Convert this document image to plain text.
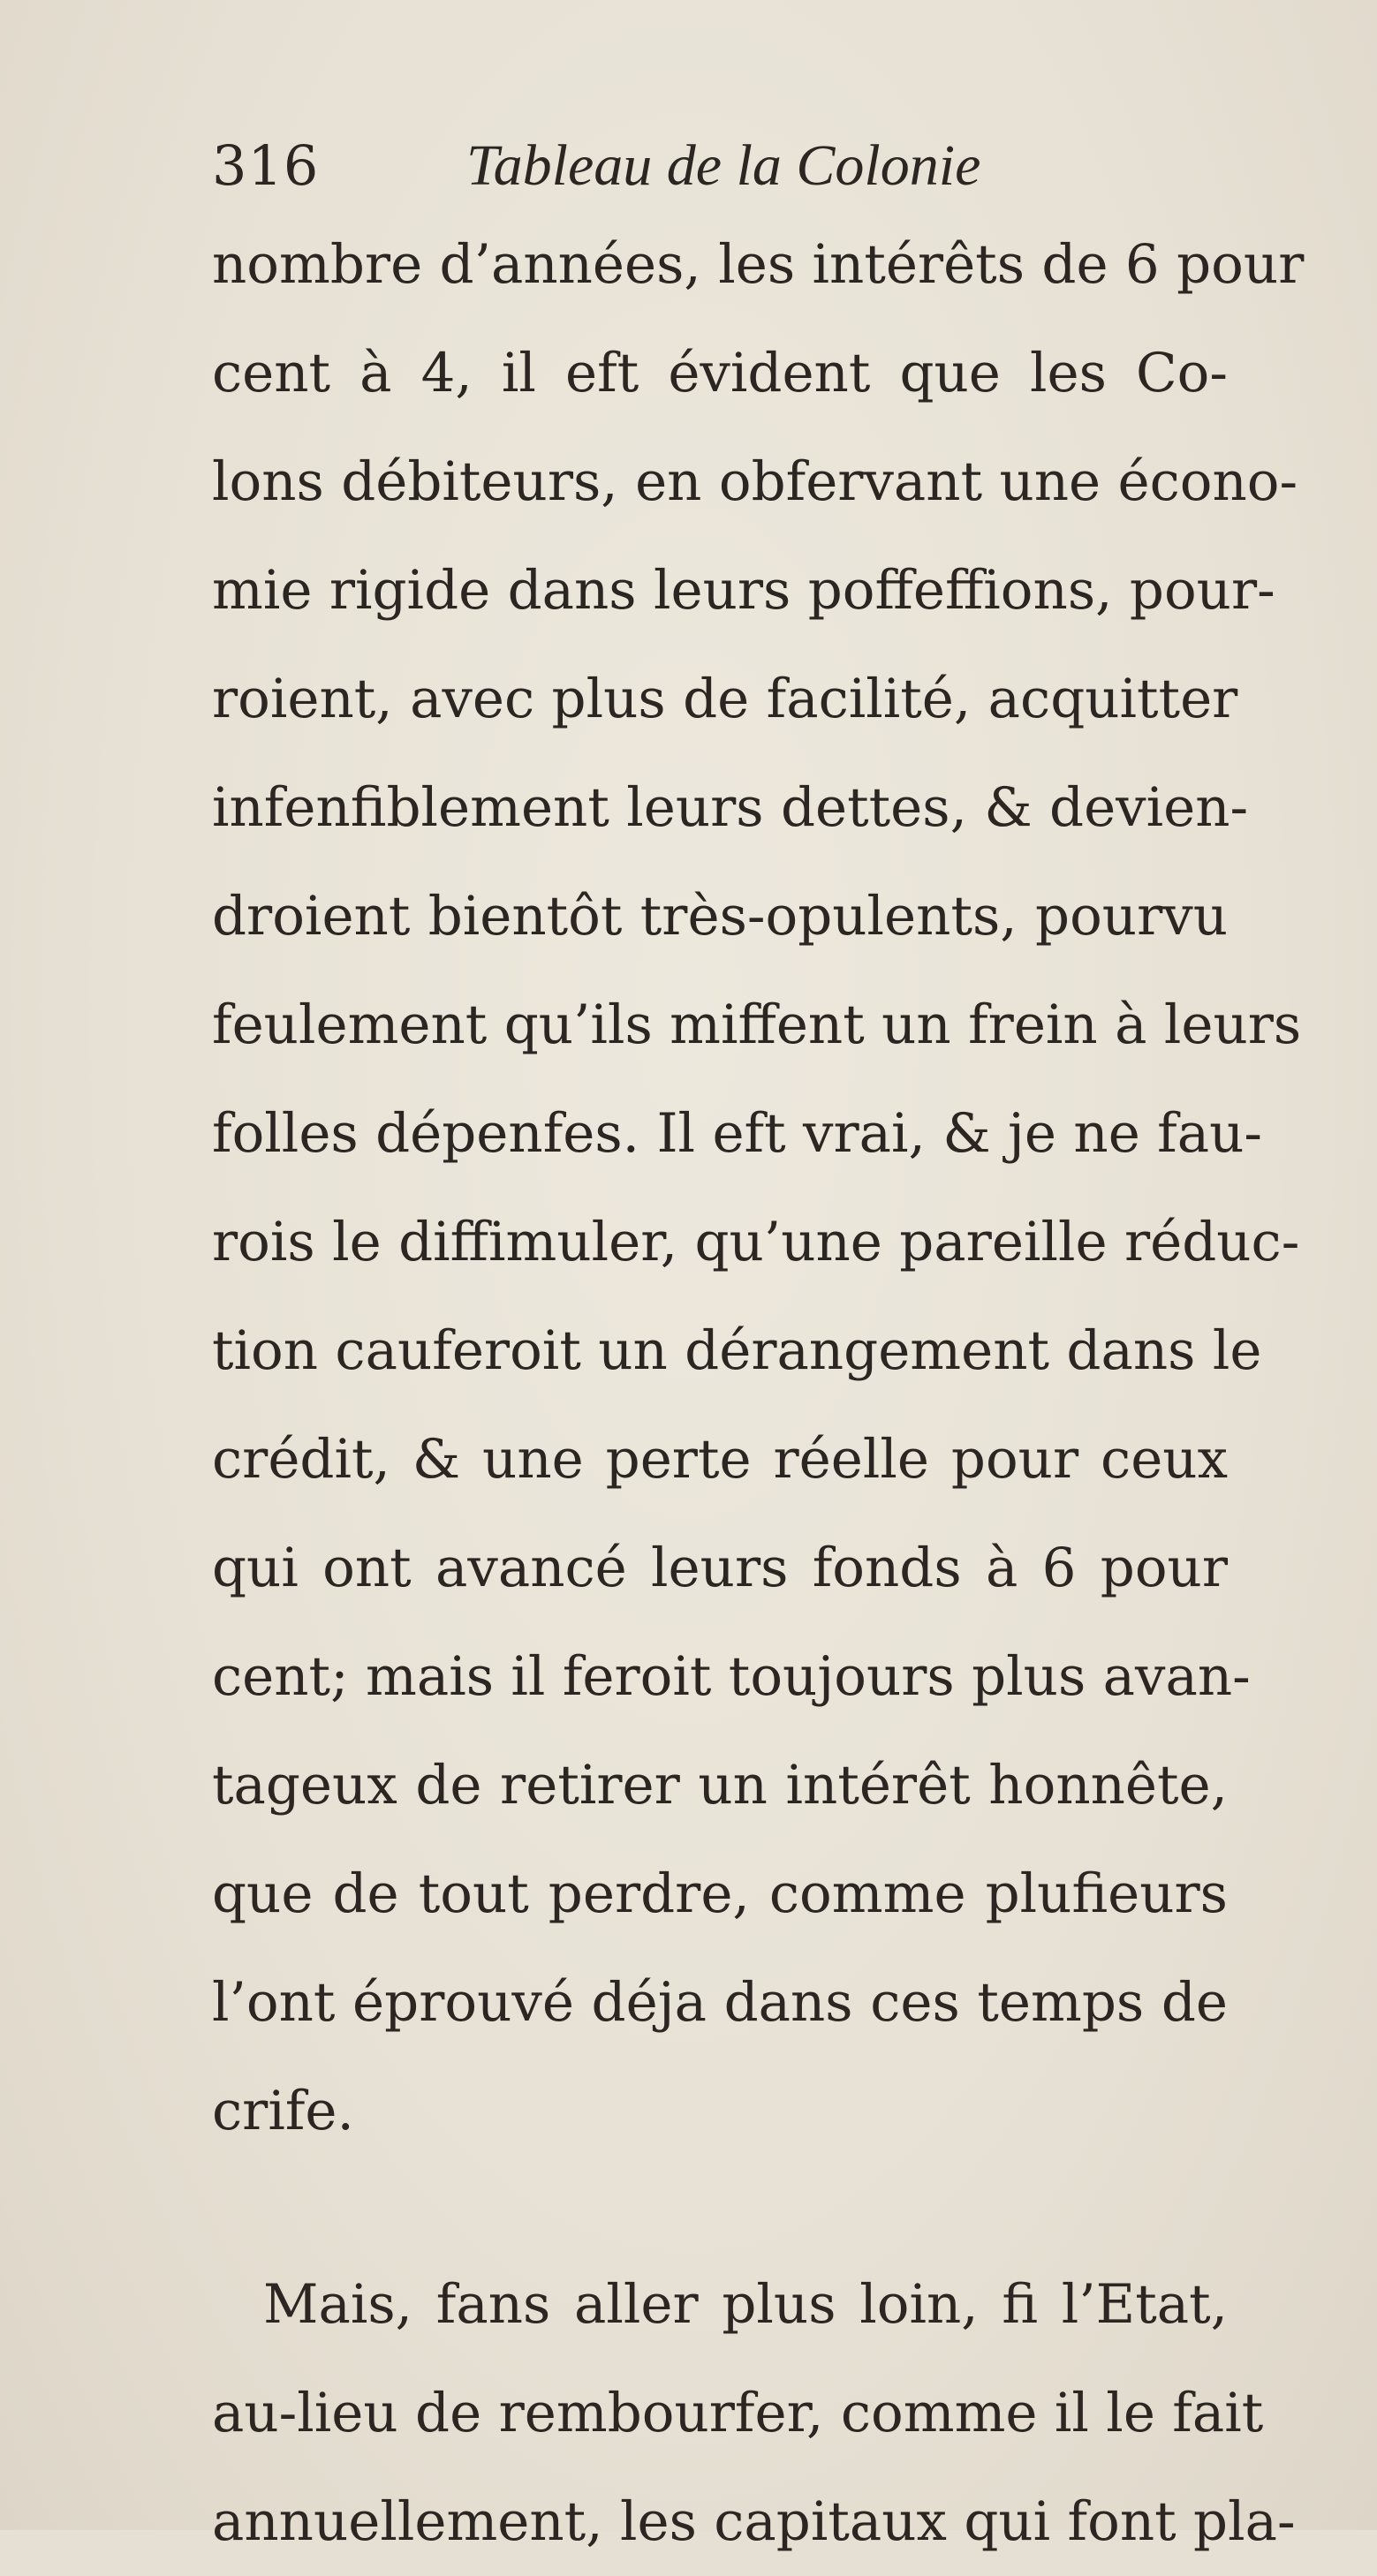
316	Tableau de la Colonie
nombre d’années, les intérêts de 6 pour
cent à 4, il eft évident que les Co-
lons débiteurs, en obfervant une écono-
mie rigide dans leurs poffeffions, pour-
roient, avec plus de facilité, acquitter
infenfiblement leurs dettes, & devien-
droient bientôt très-opulents, pourvu
feulement qu’ils miffent un frein à leurs
folles dépenfes. Il eft vrai, & je ne fau-
rois le diffimuler, qu’une pareille réduc-
tion cauferoit un dérangement dans le
crédit, & une perte réelle pour ceux
qui ont avancé leurs fonds à 6 pour
cent; mais il feroit toujours plus avan-
tageux de retirer un intérêt honnête,
que de tout perdre, comme plufieurs
l’ont éprouvé déja dans ces temps de
crife.
Mais, fans aller plus loin, fi l’Etat,
au-lieu de rembourfer, comme il le fait
annuellement, les capitaux qui font pla-
